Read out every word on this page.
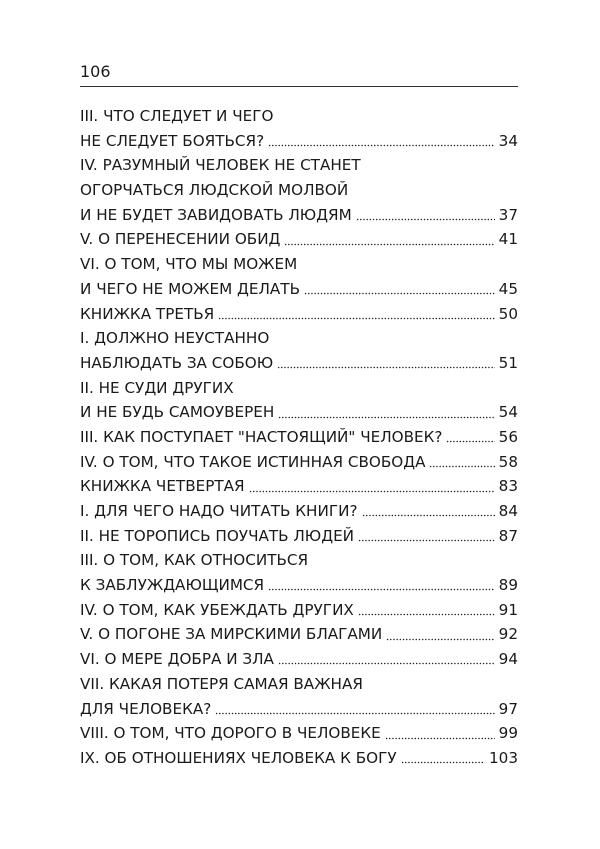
106
III. ЧТО СЛЕДУЕТ И ЧЕГО
НЕ СЛЕДУЕТ БОЯТЬСЯ?	34
IV. РАЗУМНЫЙ ЧЕЛОВЕК НЕ СТАНЕТ
ОГОРЧАТЬСЯ ЛЮДСКОЙ МОЛВОЙ
И НЕ БУДЕТ ЗАВИДОВАТЬ ЛЮДЯМ	37
V. О ПЕРЕНЕСЕНИИ ОБИД	41
VI. О ТОМ, ЧТО МЫ МОЖЕМ
И ЧЕГО НЕ МОЖЕМ ДЕЛАТЬ	45
КНИЖКА ТРЕТЬЯ	50
I. ДОЛЖНО НЕУСТАННО
НАБЛЮДАТЬ ЗА СОБОЮ	51
II. НЕ СУДИ ДРУГИХ
И НЕ БУДЬ САМОУВЕРЕН	54
III. КАК ПОСТУПАЕТ "НАСТОЯЩИЙ" ЧЕЛОВЕК?	56
IV. О ТОМ, ЧТО ТАКОЕ ИСТИННАЯ СВОБОДА	58
КНИЖКА ЧЕТВЕРТАЯ	83
I. ДЛЯ ЧЕГО НАДО ЧИТАТЬ КНИГИ?	84
II. НЕ ТОРОПИСЬ ПОУЧАТЬ ЛЮДЕЙ	87
III. О ТОМ, КАК ОТНОСИТЬСЯ
К ЗАБЛУЖДАЮЩИМСЯ	89
IV. О ТОМ, КАК УБЕЖДАТЬ ДРУГИХ	91
V. О ПОГОНЕ ЗА МИРСКИМИ БЛАГАМИ	92
VI. О МЕРЕ ДОБРА И ЗЛА	94
VII. КАКАЯ ПОТЕРЯ САМАЯ ВАЖНАЯ
ДЛЯ ЧЕЛОВЕКА?	97
VIII. О ТОМ, ЧТО ДОРОГО В ЧЕЛОВЕКЕ	99
IX. ОБ ОТНОШЕНИЯХ ЧЕЛОВЕКА К БОГУ	103
